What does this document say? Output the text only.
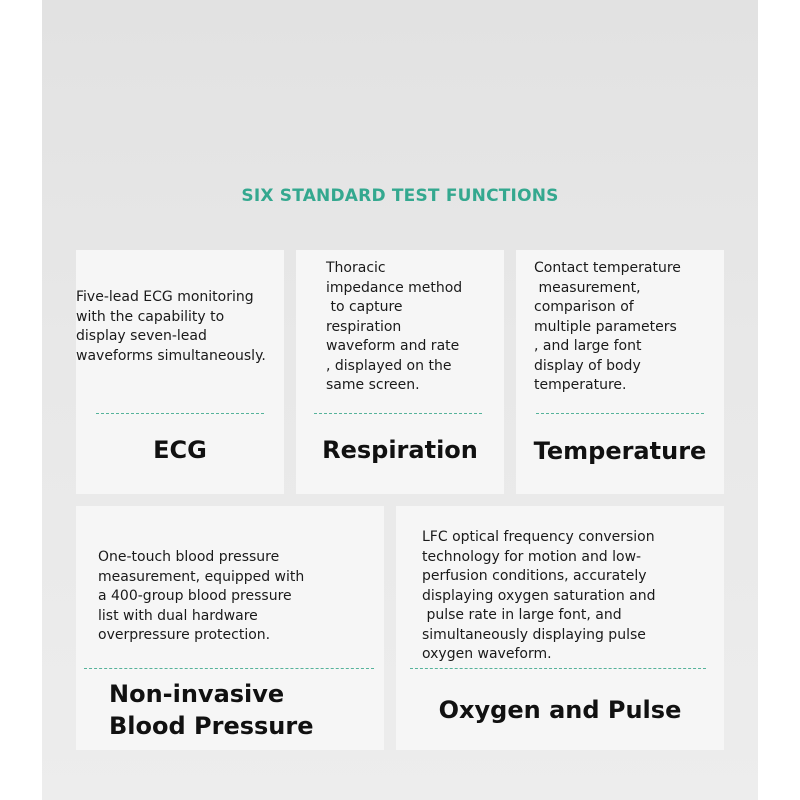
SIX STANDARD TEST FUNCTIONS
Five-lead ECG monitoring
with the capability to
display seven-lead
waveforms simultaneously.
ECG
Thoracic
impedance method
to capture
respiration
waveform and rate
, displayed on the
same screen.
Respiration
Contact temperature
measurement,
comparison of
multiple parameters
, and large font
display of body
temperature.
Temperature
One-touch blood pressure
measurement, equipped with
a 400-group blood pressure
list with dual hardware
overpressure protection.
Non-invasive
Blood Pressure
LFC optical frequency conversion
technology for motion and low-
perfusion conditions, accurately
displaying oxygen saturation and
pulse rate in large font, and
simultaneously displaying pulse
oxygen waveform.
Oxygen and Pulse
